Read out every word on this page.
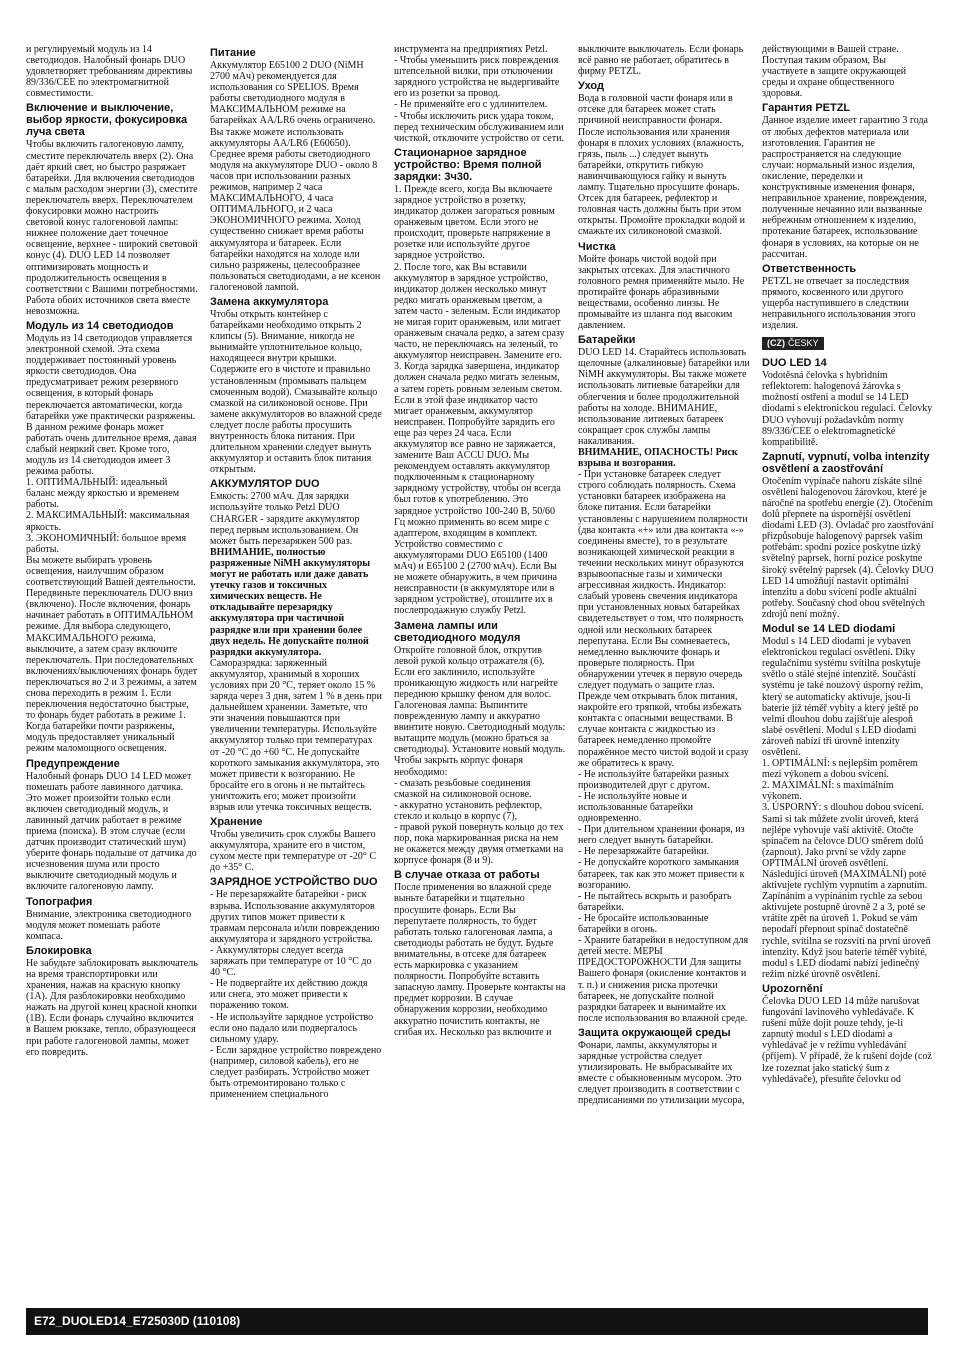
и регулируемый модуль из 14 светодиодов. Налобный фонарь DUO удовлетворяет требованиям директивы 89/336/CEE по электромагнитной совместимости.

Включение и выключение, выбор яркости, фокусировка луча света

Чтобы включить галогеновую лампу, сместите переключатель вверх (2). Она даёт яркий свет, но быстро разряжает батарейки. Для включения светодиодов с малым расходом энергии (3), сместите переключатель вверх. Переключателем фокусировки можно настроить световой конус галогеновой лампы: нижнее положение дает точечное освещение, верхнее - широкий световой конус (4). DUO LED 14 позволяет оптимизировать мощность и продолжительность освещения в соответствии с Вашими потребностями. Работа обоих источников света вместе невозможна.

Модуль из 14 светодиодов

Модуль из 14 светодиодов управляется электронной схемой. Эта схема поддерживает постоянный уровень яркости светодиодов. Она предусматривает режим резервного освещения, в который фонарь переключается автоматически, когда батарейки уже практически разряжены. В данном режиме фонарь может работать очень длительное время, давая слабый неяркий свет. Кроме того, модуль из 14 светодиодов имеет 3 режима работы.

1. ОПТИМАЛЬНЫЙ: идеальный баланс между яркостью и временем работы.

2. МАКСИМАЛЬНЫЙ: максимальная яркость.

3. ЭКОНОМИЧНЫЙ: большое время работы.

Вы можете выбирать уровень освещения, наилучшим образом соответствующий Вашей деятельности. Передвиньте переключатель DUO вниз (включено). После включения, фонарь начинает работать в ОПТИМАЛЬНОМ режиме. Для выбора следующего, МАКСИМАЛЬНОГО режима, выключите, а затем сразу включите переключатель. При последовательных включениях/выключениях фонарь будет переключаться во 2 и 3 режимы, а затем снова переходить в режим 1. Если переключения недостаточно быстрые, то фонарь будет работать в режиме 1. Когда батарейки почти разряжены, модуль предоставляет уникальный режим маломощного освещения.

Предупреждение

Налобный фонарь DUO 14 LED может помешать работе лавинного датчика. Это может произойти только если включен светодиодный модуль, и лавинный датчик работает в режиме приема (поиска). В этом случае (если датчик производит статический шум) уберите фонарь подальше от датчика до исчезновения шума или просто выключите светодиодный модуль и включите галогеновую лампу.

Топография

Внимание, электроника светодиодного модуля может помешать работе компаса.

Блокировка

Не забудьте заблокировать выключатель на время транспортировки или хранения, нажав на красную кнопку (1A). Для разблокировки необходимо нажать на другой конец красной кнопки (1B). Если фонарь случайно включится в Вашем рюкзаке, тепло, образующееся при работе галогеновой лампы, может его повредить.

Питание

Аккумулятор E65100 2 DUO (NiMH 2700 мАч) рекомендуется для использования со SPELIOS. Время работы светодиодного модуля в МАКСИМАЛЬНОМ режиме на батарейках AA/LR6 очень ограничено. Вы также можете использовать аккумуляторы AA/LR6 (E60650). Среднее время работы светодиодного модуля на аккумуляторе DUO - около 8 часов при использовании разных режимов, например 2 часа МАКСИМАЛЬНОГО, 4 часа ОПТИМАЛЬНОГО, и 2 часа ЭКОНОМИЧНОГО режима. Холод существенно снижает время работы аккумулятора и батареек. Если батарейки находятся на холоде или сильно разряжены, целесообразнее пользоваться светодиодами, а не ксенон галогеновой лампой.

Замена аккумулятора

Чтобы открыть контейнер с батарейками необходимо открыть 2 клипсы (5). Внимание, никогда не вынимайте уплотнительное кольцо, находящееся внутри крышки. Содержите его в чистоте и правильно установленным (промывать пальцем смоченным водой). Смазывайте кольцо смазкой на силиконовой основе. При замене аккумуляторов во влажной среде следует после работы просушить внутренность блока питания. При длительном хранении следует вынуть аккумулятор и оставить блок питания открытым.

АККУМУЛЯТОР DUO

Емкость: 2700 мАч. Для зарядки используйте только Petzl DUO CHARGER - зарядите аккумулятор перед первым использованием. Он может быть перезаряжен 500 раз.

ВНИМАНИЕ, полностью разряженные NiMH аккумуляторы могут не работать или даже давать утечку газов и токсичных химических веществ. Не откладывайте перезарядку аккумулятора при частичной разрядке или при хранении более двух недель. Не допускайте полной разрядки аккумулятора.

Саморазрядка: заряженный аккумулятор, хранимый в хороших условиях при 20 °C, теряет около 15 % заряда через 3 дня, затем 1 % в день при дальнейшем хранении. Заметьте, что эти значения повышаются при увеличении температуры. Используйте аккумулятор только при температурах от -20 °C до +60 °C. Не допускайте короткого замыкания аккумулятора, это может привести к возгоранию. Не бросайте его в огонь и не пытайтесь уничтожить его; может произойти взрыв или утечка токсичных веществ.

Хранение

Чтобы увеличить срок службы Вашего аккумулятора, храните его в чистом, сухом месте при температуре от -20° C до +35° C.

ЗАРЯДНОЕ УСТРОЙСТВО DUO

- Не перезаряжайте батарейки - риск взрыва. Использование аккумуляторов других типов может привести к травмам персонала и/или повреждению аккумулятора и зарядного устройства.

- Аккумуляторы следует всегда заряжать при температуре от 10 °C до 40 °C.

- Не подвергайте их действию дождя или снега, это может привести к поражению током.

- Не используйте зарядное устройство если оно падало или подвергалось сильному удару.

- Если зарядное устройство повреждено (например, силовой кабель), его не следует разбирать. Устройство может быть отремонтировано только с применением специального

инструмента на предприятиях Petzl.

- Чтобы уменьшить риск повреждения штепсельной вилки, при отключении зарядного устройства не выдергивайте его из розетки за провод.

- Не применяйте его с удлинителем.

- Чтобы исключить риск удара током, перед техническим обслуживанием или чисткой, отключите устройство от сети.

Стационарное зарядное устройство: Время полной зарядки: 3ч30.

1. Прежде всего, когда Вы включаете зарядное устройство в розетку, индикатор должен загораться ровным оранжевым цветом. Если этого не происходит, проверьте напряжение в розетке или используйте другое зарядное устройство.

2. После того, как Вы вставили аккумулятор в зарядное устройство, индикатор должен несколько минут редко мигать оранжевым цветом, а затем часто - зеленым. Если индикатор не мигая горит оранжевым, или мигает оранжевым сначала редко, а затем сразу часто, не переключаясь на зеленый, то аккумулятор неисправен. Замените его.

3. Когда зарядка завершена, индикатор должен сначала редко мигать зеленым, а затем гореть ровным зеленым светом. Если в этой фазе индикатор часто мигает оранжевым, аккумулятор неисправен. Попробуйте зарядить его еще раз через 24 часа. Если аккумулятор все равно не заряжается, замените Ваш ACCU DUO. Мы рекомендуем оставлять аккумулятор подключенным к стационарному зарядному устройству, чтобы он всегда был готов к употреблению. Это зарядное устройство 100-240 В, 50/60 Гц можно применять во всем мире с адаптером, входящим в комплект. Устройство совместимо с аккумуляторами DUO E65100 (1400 мАч) и E65100 2 (2700 мАч). Если Вы не можете обнаружить, в чем причина неисправности (в аккумуляторе или в зарядном устройстве), отошлите их в послепродажную службу Petzl.

Замена лампы или светодиодного модуля

Откройте головной блок, открутив левой рукой кольцо отражателя (6). Если его заклинило, используйте проникающую жидкость или нагрейте переднюю крышку феном для волос. Галогеновая лампа: Выпинтите поврежденную лампу и аккуратно ввинтите новую. Светодиодный модуль: вытащите модуль (можно браться за светодиоды). Установите новый модуль. Чтобы закрыть корпус фонаря необходимо:

- смазать резьбовые соединения смазкой на силиконовой основе.

- аккуратно установить рефлектор, стекло и кольцо в корпус (7),

- правой рукой повернуть кольцо до тех пор, пока маркированная риска на нем не окажется между двумя отметками на корпусе фонаря (8 и 9).

В случае отказа от работы

После применения во влажной среде выньте батарейки и тщательно просушите фонарь. Если Вы перепутаете полярность, то будет работать только галогеновая лампа, а светодиоды работать не будут. Будьте внимательны, в отсеке для батареек есть маркировка с указанием полярности. Попробуйте вставить запасную лампу. Проверьте контакты на предмет коррозии. В случае обнаружения коррозии, необходимо аккуратно почистить контакты, не сгибая их. Несколько раз включите и

выключите выключатель. Если фонарь всё равно не работает, обратитесь в фирму PETZL.

Уход

Вода в головной части фонаря или в отсеке для батареек может стать причиной неисправности фонаря. После использования или хранения фонаря в плохих условиях (влажность, грязь, пыль ...) следует вынуть батарейки, открутить гибкую навинчивающуюся гайку и вынуть лампу. Тщательно просушите фонарь. Отсек для батареек, рефлектор и головная часть должны быть при этом открыты. Промойте прокладки водой и смажьте их силиконовой смазкой.

Чистка

Мойте фонарь чистой водой при закрытых отсеках. Для эластичного головного ремня применяйте мыло. Не протирайте фонарь абразивными веществами, особенно линзы. Не промывайте из шланга под высоким давлением.

Батарейки

DUO LED 14. Старайтесь использовать щелочные (алкалиновые) батарейки или NiMH аккумуляторы. Вы также можете использовать литиевые батарейки для облегчения и более продолжительной работы на холоде. ВНИМАНИЕ, использование литиевых батареек сокращает срок службы лампы накаливания.

ВНИМАНИЕ, ОПАСНОСТЬ! Риск взрыва и возгорания.

- При установке батареек следует строго соблюдать полярность. Схема установки батареек изображена на блоке питания. Если батарейки установлены с нарушением полярности (два контакта «+» или два контакта «-» соединены вместе), то в результате возникающей химической реакции в течении нескольких минут образуются взрывоопасные газы и химически агрессивная жидкость. Индикатор: слабый уровень свечения индикатора при установленных новых батарейках свидетельствует о том, что полярность одной или нескольких батареек перепутана. Если Вы сомневаетесь, немедленно выключите фонарь и проверьте полярность. При обнаружении утечек в первую очередь следует подумать о защите глаз. Прежде чем открывать блок питания, накройте его тряпкой, чтобы избежать контакта с опасными веществами. В случае контакта с жидкостью из батареек немедленно промойте поражённое место чистой водой и сразу же обратитесь к врачу.

- Не используйте батарейки разных производителей друг с другом.

- Не используйте новые и использованные батарейки одновременно.

- При длительном хранении фонаря, из него следует вынуть батарейки.

- Не перезаряжайте батарейки.

- Не допускайте короткого замыкания батареек, так как это может привести к возгоранию.

- Не пытайтесь вскрыть и разобрать батарейки.

- Не бросайте использованные батарейки в огонь.

- Храните батарейки в недоступном для детей месте. МЕРЫ ПРЕДОСТОРОЖНОСТИ Для защиты Вашего фонаря (окисление контактов и т. п.) и снижения риска протечки батареек, не допускайте полной разрядки батареек и вынимайте их после использования во влажной среде.

Защита окружающей среды

Фонари, лампы, аккумуляторы и зарядные устройства следует утилизировать. Не выбрасывайте их вместе с обыкновенным мусором. Это следует производить в соответствии с предписаниями по утилизации мусора,

действующими в Вашей стране. Поступая таким образом, Вы участвуете в защите окружающей среды и охране общественного здоровья.

Гарантия PETZL

Данное изделие имеет гарантию 3 года от любых дефектов материала или изготовления. Гарантия не распространяется на следующие случаи: нормальный износ изделия, окисление, переделки и конструктивные изменения фонаря, неправильное хранение, повреждения, полученные нечаянно или вызванные небрежным отношением к изделию, протекание батареек, использование фонаря в условиях, на которые он не рассчитан.

Ответственность

PETZL не отвечает за последствия прямого, косвенного или другого ущерба наступившего в следствии неправильного использования этого изделия.

(CZ) ČESKY
DUO LED 14

Vodotěsná čelovka s hybridním reflektorem: halogenová žárovka s možností ostření a modul se 14 LED diodami s elektronickou regulací. Čelovky DUO vyhovují požadavkům normy 89/336/CEE o elektromagnetické kompatibilitě.

Zapnutí, vypnutí, volba intenzity osvětlení a zaostřování

Otočením vypínače nahoru získáte silné osvětlení halogenovou žárovkou, které je náročné na spotřebu energie (2). Otočením dolů přepnete na úspornější osvětlení diodami LED (3). Ovladač pro zaostřování přizpůsobuje halogenový paprsek vašim potřebám: spodní pozice poskytne úzký světelný paprsek, horní pozice poskytne široký světelný paprsek (4). Čelovky DUO LED 14 umožňují nastavit optimální intenzitu a dobu svícení podle aktuální potřeby. Současný chod obou světelných zdrojů není možný.

Modul se 14 LED diodami

Modul s 14 LED diodami je vybaven elektronickou regulací osvětlení. Díky regulačnímu systému svítilna poskytuje světlo o stálé stejné intenzitě. Součástí systému je také nouzový úsporný režim, který se automaticky aktivuje, jsou-li baterie již téměř vybity a který ještě po velmi dlouhou dobu zajišťuje alespoň slabé osvětlení. Modul s LED diodami zároveň nabízí tři úrovně intenzity osvětlení.

1. OPTIMÁLNÍ: s nejlepším poměrem mezi výkonem a dobou svícení.

2. MAXIMÁLNÍ: s maximálním výkonem.

3. ÚSPORNÝ: s dlouhou dobou svícení.

Sami si tak můžete zvolit úroveň, která nejlépe vyhovuje vaší aktivitě. Otočte spínačem na čelovce DUO směrem dolů (zapnout). Jako první se vždy zapne OPTIMÁLNÍ úroveň osvětlení. Následující úroveň (MAXIMÁLNÍ) poté aktivujete rychlým vypnutím a zapnutím. Zapínáním a vypínáním rychle za sebou aktivujete postupně úrovně 2 a 3, poté se vrátíte zpět na úroveň 1. Pokud se vám nepodaří přepnout spínač dostatečně rychle, svítilna se rozsvítí na první úroveň intenzity. Když jsou baterie téměř vybité, modul s LED diodami nabízí jedinečný režim nízké úrovně osvětlení.

Upozornění

Čelovka DUO LED 14 může narušovat fungování lavinového vyhledávače. K rušení může dojít pouze tehdy, je-li zapnutý modul s LED diodami a vyhledávač je v režimu vyhledávání (příjem). V případě, že k rušení dojde (což lze rozeznat jako statický šum z vyhledávače), přesuňte čelovku od

E72_DUOLED14_E725030D (110108)
